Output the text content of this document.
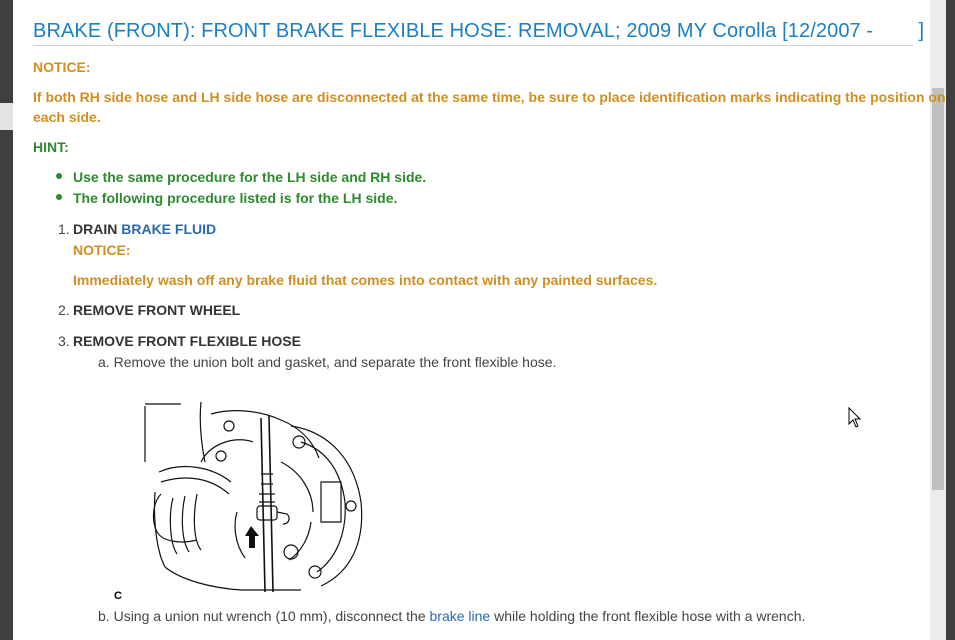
BRAKE (FRONT): FRONT BRAKE FLEXIBLE HOSE: REMOVAL; 2009 MY Corolla [12/2007 -        ]
NOTICE:
If both RH side hose and LH side hose are disconnected at the same time, be sure to place identification marks indicating the position on
each side.
HINT:
Use the same procedure for the LH side and RH side.
The following procedure listed is for the LH side.
1. DRAIN BRAKE FLUID
NOTICE:
Immediately wash off any brake fluid that comes into contact with any painted surfaces.
2. REMOVE FRONT WHEEL
3. REMOVE FRONT FLEXIBLE HOSE
a. Remove the union bolt and gasket, and separate the front flexible hose.
C
b. Using a union nut wrench (10 mm), disconnect the brake line while holding the front flexible hose with a wrench.
